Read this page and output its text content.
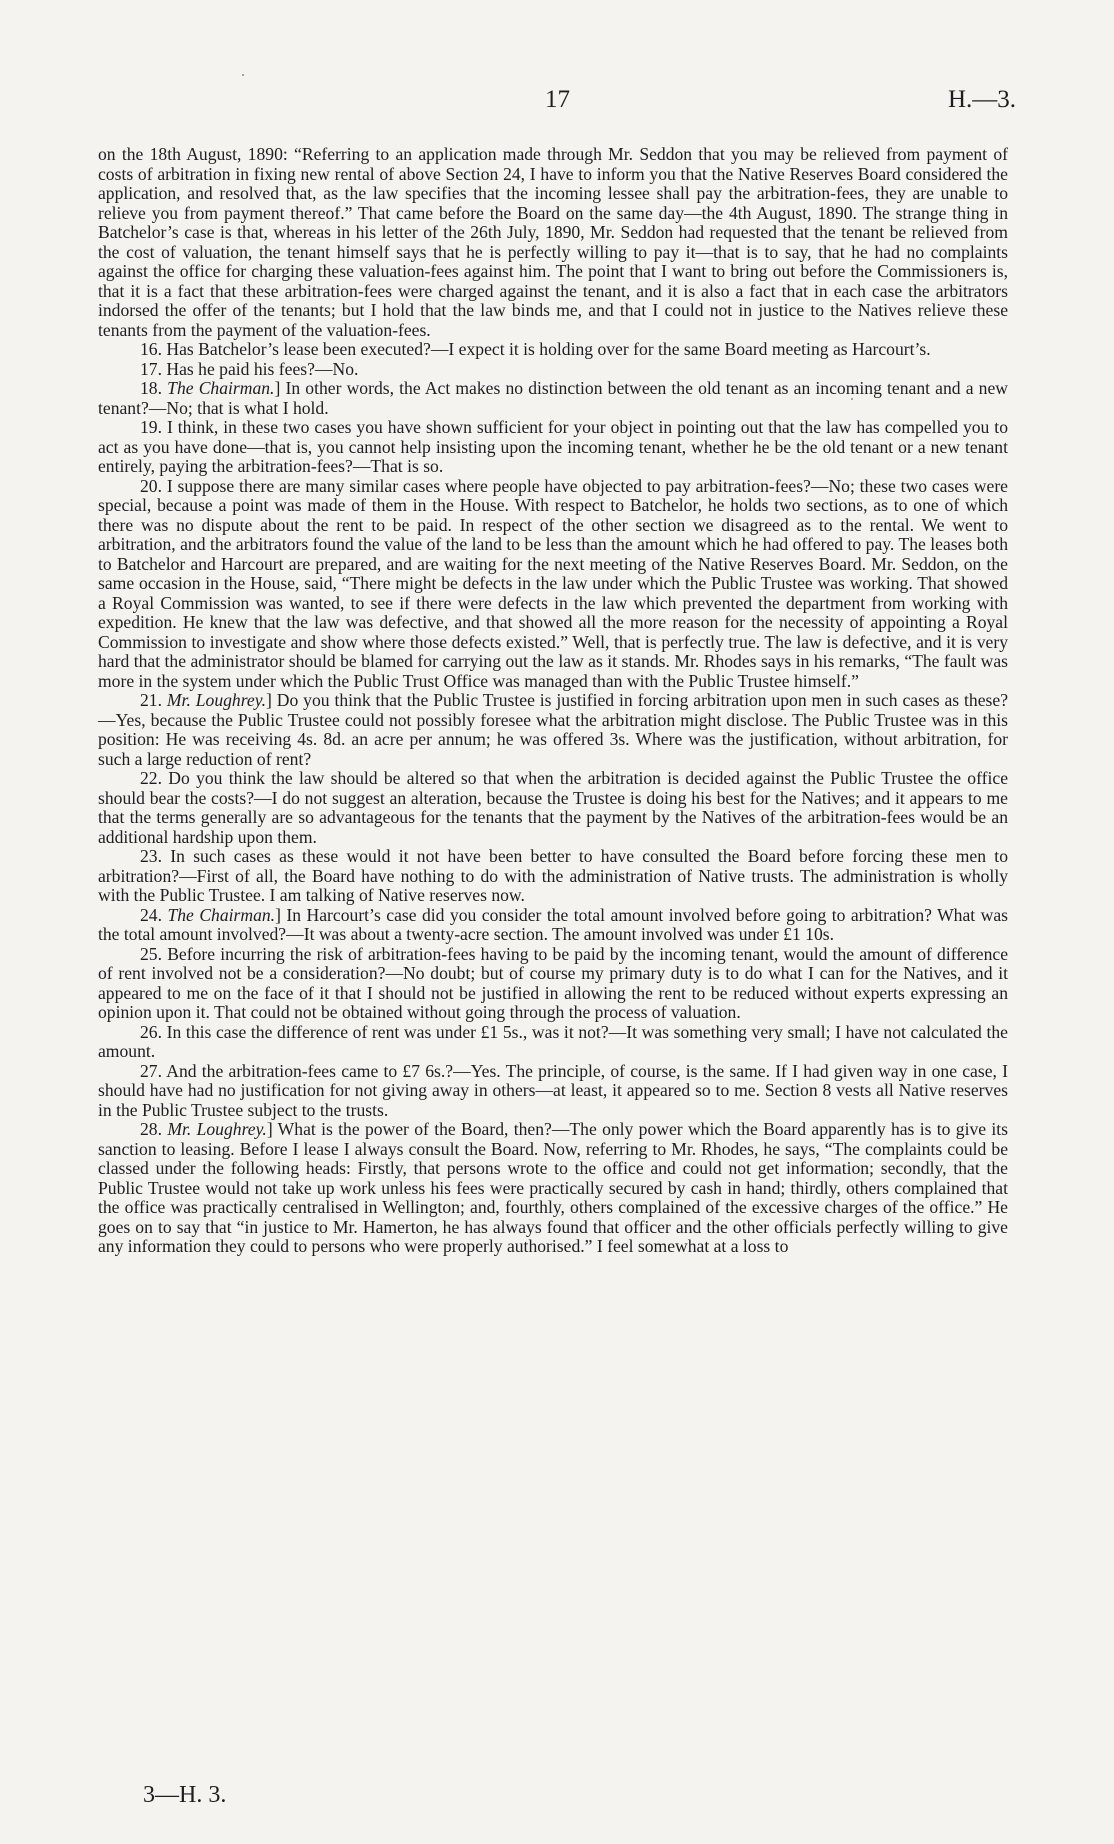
17	H.—3.

on the 18th August, 1890: “Referring to an application made through Mr. Seddon that you may be relieved from payment of costs of arbitration in fixing new rental of above Section 24, I have to inform you that the Native Reserves Board considered the application, and resolved that, as the law specifies that the incoming lessee shall pay the arbitration-fees, they are unable to relieve you from payment thereof.” That came before the Board on the same day—the 4th August, 1890. The strange thing in Batchelor’s case is that, whereas in his letter of the 26th July, 1890, Mr. Seddon had requested that the tenant be relieved from the cost of valuation, the tenant himself says that he is perfectly willing to pay it—that is to say, that he had no complaints against the office for charging these valuation-fees against him. The point that I want to bring out before the Commissioners is, that it is a fact that these arbitration-fees were charged against the tenant, and it is also a fact that in each case the arbitrators indorsed the offer of the tenants; but I hold that the law binds me, and that I could not in justice to the Natives relieve these tenants from the payment of the valuation-fees.

16. Has Batchelor’s lease been executed?—I expect it is holding over for the same Board meeting as Harcourt’s.

17. Has he paid his fees?—No.

18. The Chairman.] In other words, the Act makes no distinction between the old tenant as an incoming tenant and a new tenant?—No; that is what I hold.

19. I think, in these two cases you have shown sufficient for your object in pointing out that the law has compelled you to act as you have done—that is, you cannot help insisting upon the incoming tenant, whether he be the old tenant or a new tenant entirely, paying the arbitration-fees?—That is so.

20. I suppose there are many similar cases where people have objected to pay arbitration-fees?—No; these two cases were special, because a point was made of them in the House. With respect to Batchelor, he holds two sections, as to one of which there was no dispute about the rent to be paid. In respect of the other section we disagreed as to the rental. We went to arbitration, and the arbitrators found the value of the land to be less than the amount which he had offered to pay. The leases both to Batchelor and Harcourt are prepared, and are waiting for the next meeting of the Native Reserves Board. Mr. Seddon, on the same occasion in the House, said, “There might be defects in the law under which the Public Trustee was working. That showed a Royal Commission was wanted, to see if there were defects in the law which prevented the department from working with expedition. He knew that the law was defective, and that showed all the more reason for the necessity of appointing a Royal Commission to investigate and show where those defects existed.” Well, that is perfectly true. The law is defective, and it is very hard that the administrator should be blamed for carrying out the law as it stands. Mr. Rhodes says in his remarks, “The fault was more in the system under which the Public Trust Office was managed than with the Public Trustee himself.”

21. Mr. Loughrey.] Do you think that the Public Trustee is justified in forcing arbitration upon men in such cases as these?—Yes, because the Public Trustee could not possibly foresee what the arbitration might disclose. The Public Trustee was in this position: He was receiving 4s. 8d. an acre per annum; he was offered 3s. Where was the justification, without arbitration, for such a large reduction of rent?

22. Do you think the law should be altered so that when the arbitration is decided against the Public Trustee the office should bear the costs?—I do not suggest an alteration, because the Trustee is doing his best for the Natives; and it appears to me that the terms generally are so advantageous for the tenants that the payment by the Natives of the arbitration-fees would be an additional hardship upon them.

23. In such cases as these would it not have been better to have consulted the Board before forcing these men to arbitration?—First of all, the Board have nothing to do with the administration of Native trusts. The administration is wholly with the Public Trustee. I am talking of Native reserves now.

24. The Chairman.] In Harcourt’s case did you consider the total amount involved before going to arbitration? What was the total amount involved?—It was about a twenty-acre section. The amount involved was under £1 10s.

25. Before incurring the risk of arbitration-fees having to be paid by the incoming tenant, would the amount of difference of rent involved not be a consideration?—No doubt; but of course my primary duty is to do what I can for the Natives, and it appeared to me on the face of it that I should not be justified in allowing the rent to be reduced without experts expressing an opinion upon it. That could not be obtained without going through the process of valuation.

26. In this case the difference of rent was under £1 5s., was it not?—It was something very small; I have not calculated the amount.

27. And the arbitration-fees came to £7 6s.?—Yes. The principle, of course, is the same. If I had given way in one case, I should have had no justification for not giving away in others—at least, it appeared so to me. Section 8 vests all Native reserves in the Public Trustee subject to the trusts.

28. Mr. Loughrey.] What is the power of the Board, then?—The only power which the Board apparently has is to give its sanction to leasing. Before I lease I always consult the Board. Now, referring to Mr. Rhodes, he says, “The complaints could be classed under the following heads: Firstly, that persons wrote to the office and could not get information; secondly, that the Public Trustee would not take up work unless his fees were practically secured by cash in hand; thirdly, others complained that the office was practically centralised in Wellington; and, fourthly, others complained of the excessive charges of the office.” He goes on to say that “in justice to Mr. Hamerton, he has always found that officer and the other officials perfectly willing to give any information they could to persons who were properly authorised.” I feel somewhat at a loss to

3—H. 3.
